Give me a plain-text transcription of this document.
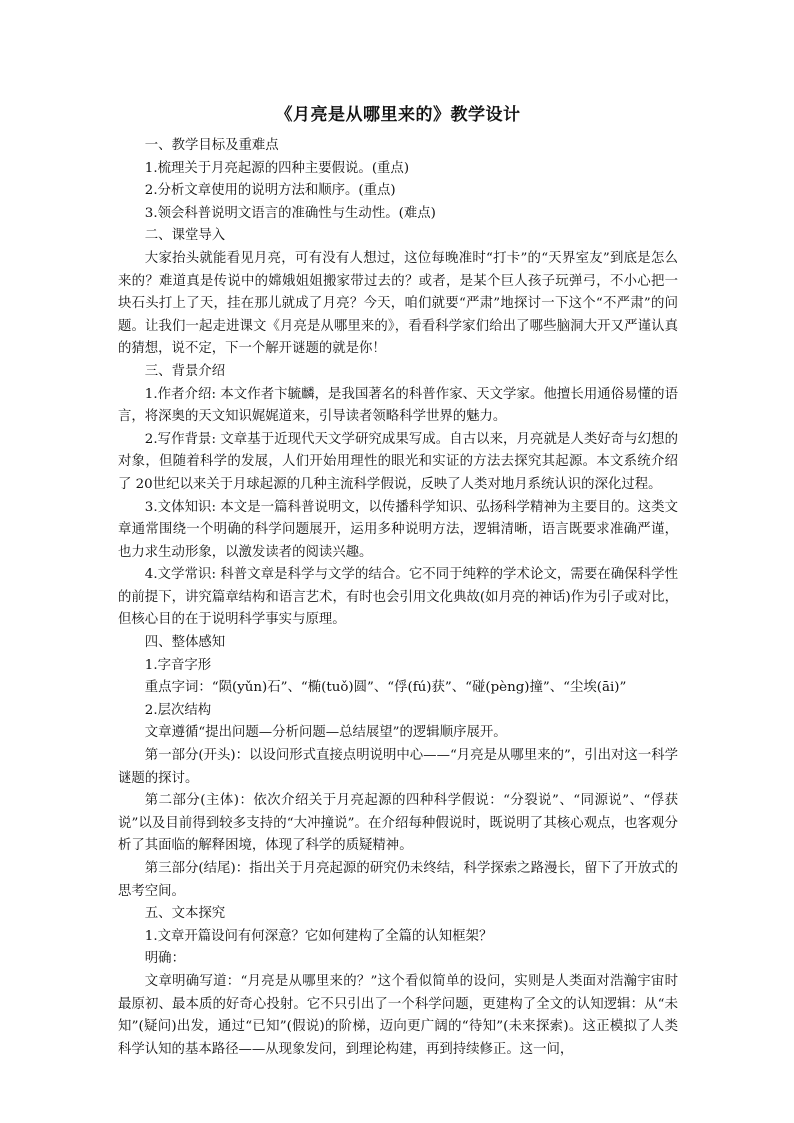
《月亮是从哪里来的》教学设计

一、教学目标及重难点

1.梳理关于月亮起源的四种主要假说。(重点)

2.分析文章使用的说明方法和顺序。(重点)

3.领会科普说明文语言的准确性与生动性。(难点)

二、课堂导入

大家抬头就能看见月亮，可有没有人想过，这位每晚准时“打卡”的“天界室友”到底是怎么来的？难道真是传说中的嫦娥姐姐搬家带过去的？或者，是某个巨人孩子玩弹弓，不小心把一块石头打上了天，挂在那儿就成了月亮？今天，咱们就要“严肃”地探讨一下这个“不严肃”的问题。让我们一起走进课文《月亮是从哪里来的》，看看科学家们给出了哪些脑洞大开又严谨认真的猜想，说不定，下一个解开谜题的就是你！

三、背景介绍

1.作者介绍: 本文作者卞毓麟，是我国著名的科普作家、天文学家。他擅长用通俗易懂的语言，将深奥的天文知识娓娓道来，引导读者领略科学世界的魅力。

2.写作背景: 文章基于近现代天文学研究成果写成。自古以来，月亮就是人类好奇与幻想的对象，但随着科学的发展，人们开始用理性的眼光和实证的方法去探究其起源。本文系统介绍了 20世纪以来关于月球起源的几种主流科学假说，反映了人类对地月系统认识的深化过程。

3.文体知识: 本文是一篇科普说明文，以传播科学知识、弘扬科学精神为主要目的。这类文章通常围绕一个明确的科学问题展开，运用多种说明方法，逻辑清晰，语言既要求准确严谨，也力求生动形象，以激发读者的阅读兴趣。

4.文学常识: 科普文章是科学与文学的结合。它不同于纯粹的学术论文，需要在确保科学性的前提下，讲究篇章结构和语言艺术，有时也会引用文化典故(如月亮的神话)作为引子或对比，但核心目的在于说明科学事实与原理。

四、整体感知

1.字音字形

重点字词：“陨(yǔn)石”、“椭(tuǒ)圆”、“俘(fú)获”、“碰(pèng)撞”、“尘埃(āi)”

2.层次结构

文章遵循“提出问题—分析问题—总结展望”的逻辑顺序展开。

第一部分(开头)：以设问形式直接点明说明中心——“月亮是从哪里来的”，引出对这一科学谜题的探讨。

第二部分(主体)：依次介绍关于月亮起源的四种科学假说：“分裂说”、“同源说”、“俘获说”以及目前得到较多支持的“大冲撞说”。在介绍每种假说时，既说明了其核心观点，也客观分析了其面临的解释困境，体现了科学的质疑精神。

第三部分(结尾)：指出关于月亮起源的研究仍未终结，科学探索之路漫长，留下了开放式的思考空间。

五、文本探究

1.文章开篇设问有何深意？它如何建构了全篇的认知框架？

明确：

文章明确写道：“月亮是从哪里来的？”这个看似简单的设问，实则是人类面对浩瀚宇宙时最原初、最本质的好奇心投射。它不只引出了一个科学问题，更建构了全文的认知逻辑：从“未知”(疑问)出发，通过“已知”(假说)的阶梯，迈向更广阔的“待知”(未来探索)。这正模拟了人类科学认知的基本路径——从现象发问，到理论构建，再到持续修正。这一问，
